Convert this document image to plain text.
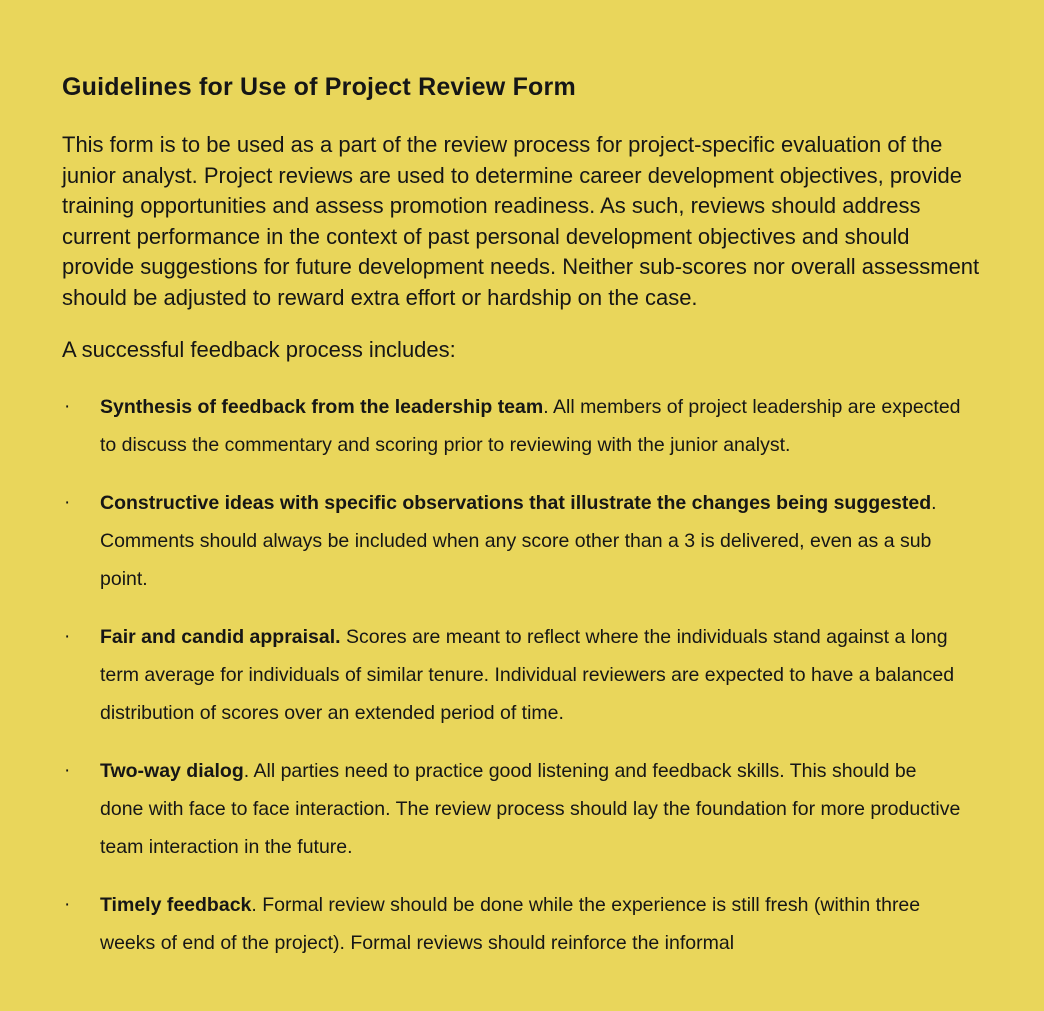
Guidelines for Use of Project Review Form

This form is to be used as a part of the review process for project-specific evaluation of the junior analyst. Project reviews are used to determine career development objectives, provide training opportunities and assess promotion readiness. As such, reviews should address current performance in the context of past personal development objectives and should provide suggestions for future development needs. Neither sub-scores nor overall assessment should be adjusted to reward extra effort or hardship on the case.

A successful feedback process includes:

· Synthesis of feedback from the leadership team. All members of project leadership are expected to discuss the commentary and scoring prior to reviewing with the junior analyst.
· Constructive ideas with specific observations that illustrate the changes being suggested. Comments should always be included when any score other than a 3 is delivered, even as a sub point.
· Fair and candid appraisal. Scores are meant to reflect where the individuals stand against a long term average for individuals of similar tenure. Individual reviewers are expected to have a balanced distribution of scores over an extended period of time.
· Two-way dialog. All parties need to practice good listening and feedback skills. This should be done with face to face interaction. The review process should lay the foundation for more productive team interaction in the future.
· Timely feedback. Formal review should be done while the experience is still fresh (within three weeks of end of the project). Formal reviews should reinforce the informal
